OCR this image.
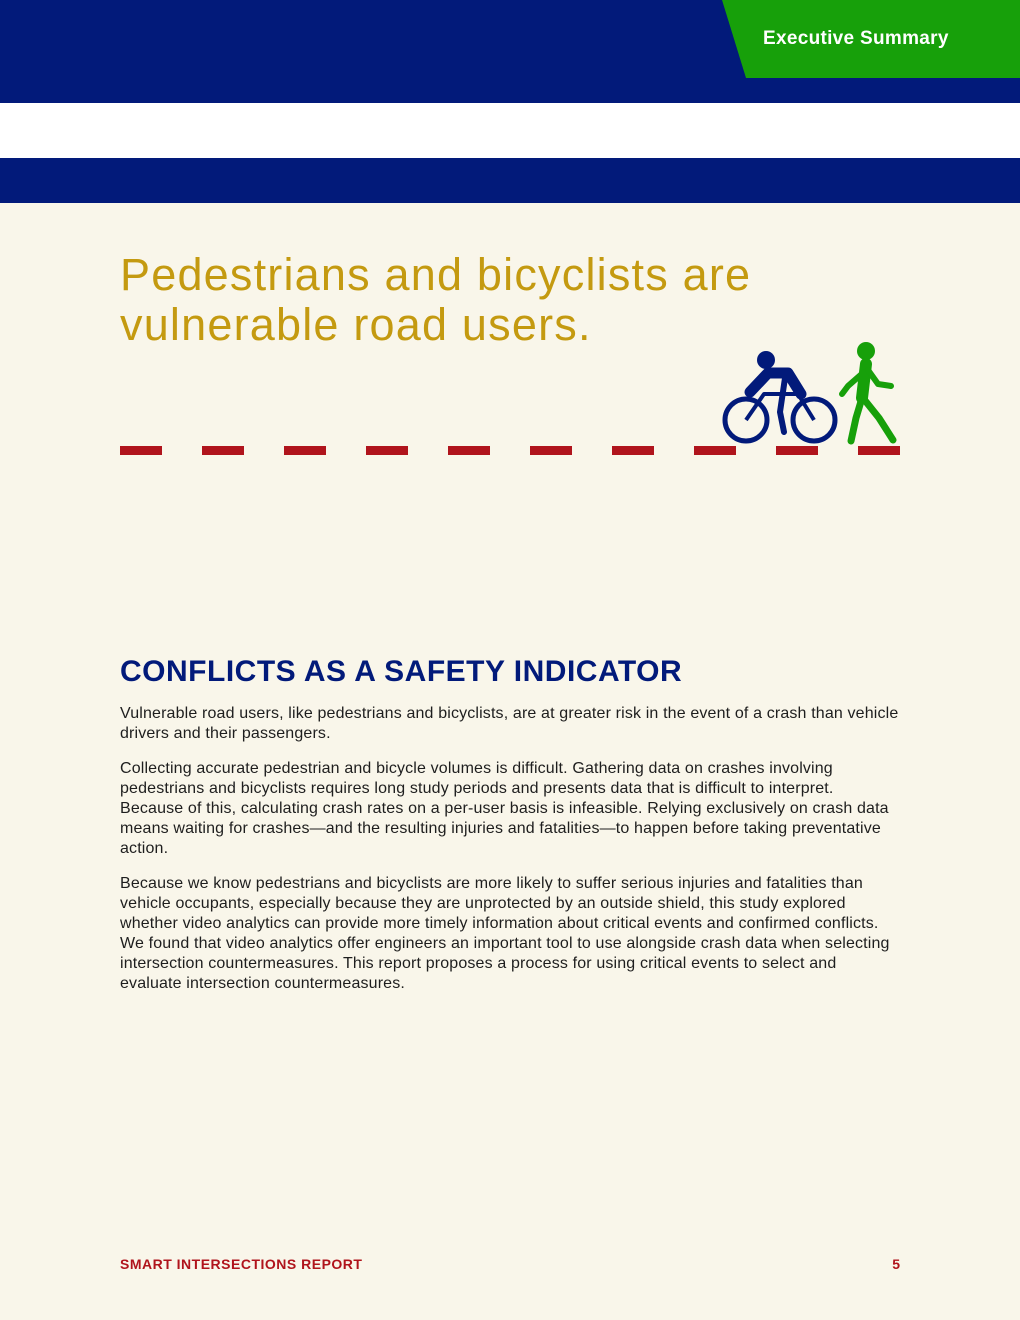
Executive Summary
Pedestrians and bicyclists are vulnerable road users.
CONFLICTS AS A SAFETY INDICATOR

Vulnerable road users, like pedestrians and bicyclists, are at greater risk in the event of a crash than vehicle drivers and their passengers.

Collecting accurate pedestrian and bicycle volumes is difficult. Gathering data on crashes involving pedestrians and bicyclists requires long study periods and presents data that is difficult to interpret. Because of this, calculating crash rates on a per-user basis is infeasible. Relying exclusively on crash data means waiting for crashes—and the resulting injuries and fatalities—to happen before taking preventative action.

Because we know pedestrians and bicyclists are more likely to suffer serious injuries and fatalities than vehicle occupants, especially because they are unprotected by an outside shield, this study explored whether video analytics can provide more timely information about critical events and confirmed conflicts. We found that video analytics offer engineers an important tool to use alongside crash data when selecting intersection countermeasures. This report proposes a process for using critical events to select and evaluate intersection countermeasures.

SMART INTERSECTIONS REPORT	5
